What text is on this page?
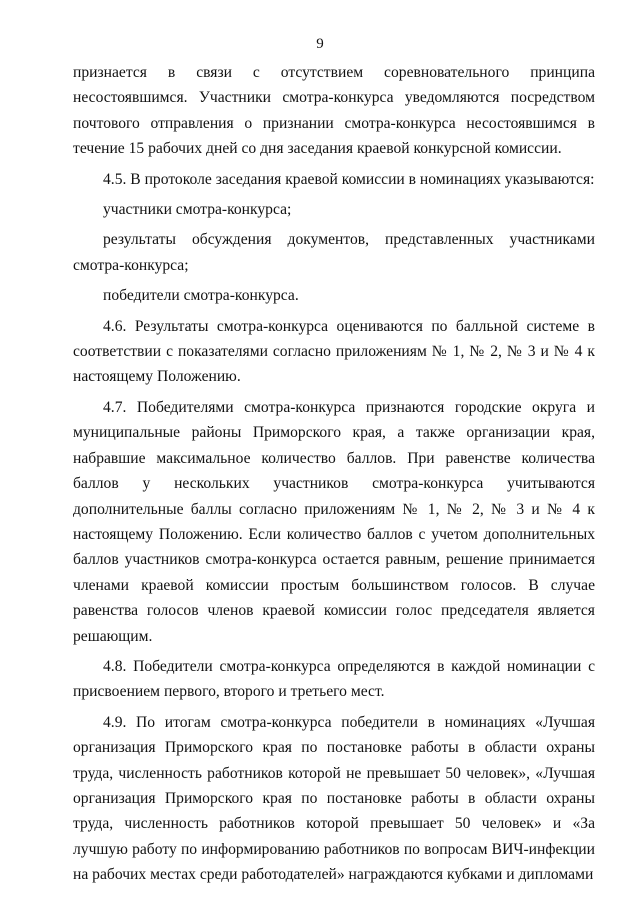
9

признается в связи с отсутствием соревновательного принципа несостоявшимся. Участники смотра-конкурса уведомляются посредством почтового отправления о признании смотра-конкурса несостоявшимся в течение 15 рабочих дней со дня заседания краевой конкурсной комиссии.

4.5. В протоколе заседания краевой комиссии в номинациях указываются:

участники смотра-конкурса;

результаты обсуждения документов, представленных участниками смотра-конкурса;

победители смотра-конкурса.

4.6. Результаты смотра-конкурса оцениваются по балльной системе в соответствии с показателями согласно приложениям № 1, № 2, № 3 и № 4 к настоящему Положению.

4.7. Победителями смотра-конкурса признаются городские округа и муниципальные районы Приморского края, а также организации края, набравшие максимальное количество баллов. При равенстве количества баллов у нескольких участников смотра-конкурса учитываются дополнительные баллы согласно приложениям № 1, № 2, № 3 и № 4 к настоящему Положению. Если количество баллов с учетом дополнительных баллов участников смотра-конкурса остается равным, решение принимается членами краевой комиссии простым большинством голосов. В случае равенства голосов членов краевой комиссии голос председателя является решающим.

4.8. Победители смотра-конкурса определяются в каждой номинации с присвоением первого, второго и третьего мест.

4.9. По итогам смотра-конкурса победители в номинациях «Лучшая организация Приморского края по постановке работы в области охраны труда, численность работников которой не превышает 50 человек», «Лучшая организация Приморского края по постановке работы в области охраны труда, численность работников которой превышает 50 человек» и «За лучшую работу по информированию работников по вопросам ВИЧ-инфекции на рабочих местах среди работодателей» награждаются кубками и дипломами
